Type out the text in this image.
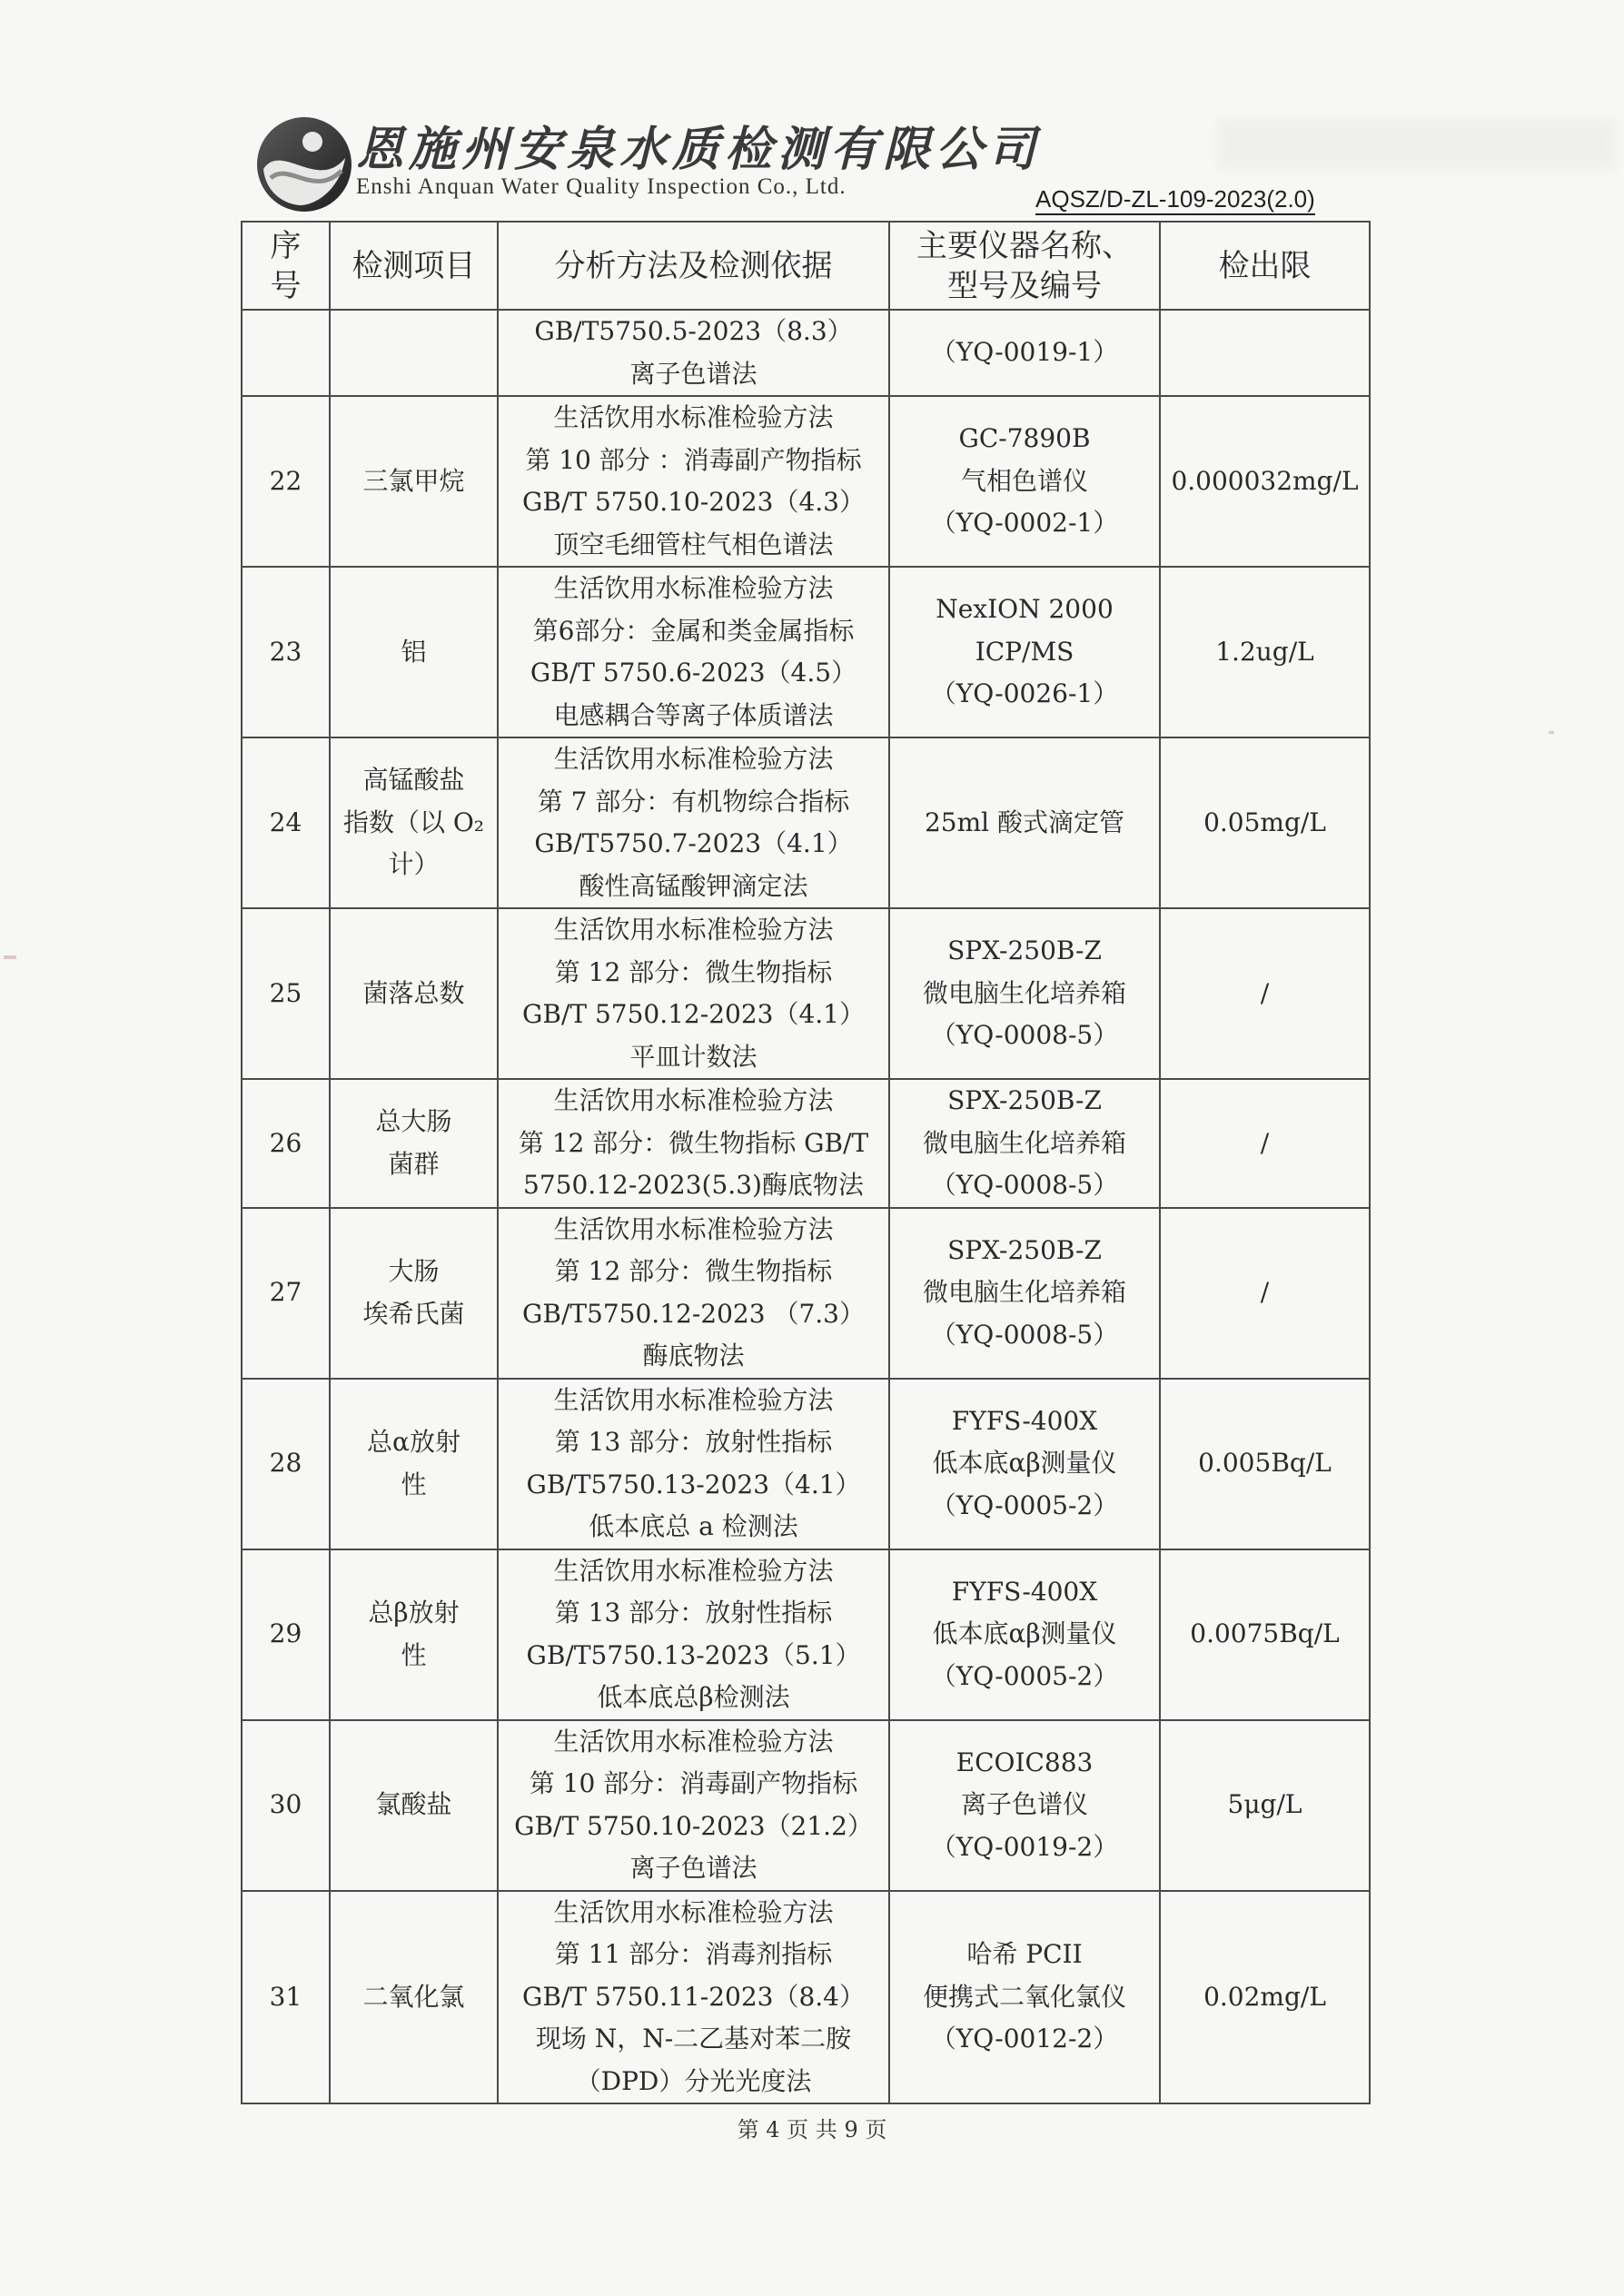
恩施州安泉水质检测有限公司
Enshi Anquan Water Quality Inspection Co., Ltd.	AQSZ/D-ZL-109-2023(2.0)
序
号	检测项目	分析方法及检测依据	主要仪器名称、
型号及编号	检出限
		GB/T5750.5-2023（8.3）
离子色谱法	（YQ-0019-1）	
22	三氯甲烷	生活饮用水标准检验方法
第 10 部分 ：消毒副产物指标
GB/T 5750.10-2023（4.3）
顶空毛细管柱气相色谱法	GC-7890B
气相色谱仪
（YQ-0002-1）	0.000032mg/L
23	铝	生活饮用水标准检验方法
第6部分：金属和类金属指标
GB/T 5750.6-2023（4.5）
电感耦合等离子体质谱法	NexION 2000
ICP/MS
（YQ-0026-1）	1.2ug/L
24	高锰酸盐
指数（以 O₂
计）	生活饮用水标准检验方法
第 7 部分：有机物综合指标
GB/T5750.7-2023（4.1）
酸性高锰酸钾滴定法	25ml 酸式滴定管	0.05mg/L
25	菌落总数	生活饮用水标准检验方法
第 12 部分：微生物指标
GB/T 5750.12-2023（4.1）
平皿计数法	SPX-250B-Z
微电脑生化培养箱
（YQ-0008-5）	/
26	总大肠
菌群	生活饮用水标准检验方法
第 12 部分：微生物指标 GB/T
5750.12-2023(5.3)酶底物法	SPX-250B-Z
微电脑生化培养箱
（YQ-0008-5）	/
27	大肠
埃希氏菌	生活饮用水标准检验方法
第 12 部分：微生物指标
GB/T5750.12-2023 （7.3）
酶底物法	SPX-250B-Z
微电脑生化培养箱
（YQ-0008-5）	/
28	总α放射
性	生活饮用水标准检验方法
第 13 部分：放射性指标
GB/T5750.13-2023（4.1）
低本底总 a 检测法	FYFS-400X
低本底αβ测量仪
（YQ-0005-2）	0.005Bq/L
29	总β放射
性	生活饮用水标准检验方法
第 13 部分：放射性指标
GB/T5750.13-2023（5.1）
低本底总β检测法	FYFS-400X
低本底αβ测量仪
（YQ-0005-2）	0.0075Bq/L
30	氯酸盐	生活饮用水标准检验方法
第 10 部分：消毒副产物指标
GB/T 5750.10-2023（21.2）
离子色谱法	ECOIC883
离子色谱仪
（YQ-0019-2）	5μg/L
31	二氧化氯	生活饮用水标准检验方法
第 11 部分：消毒剂指标
GB/T 5750.11-2023（8.4）
现场 N，N-二乙基对苯二胺
（DPD）分光光度法	哈希 PCII
便携式二氧化氯仪
（YQ-0012-2）	0.02mg/L
第 4 页 共 9 页
